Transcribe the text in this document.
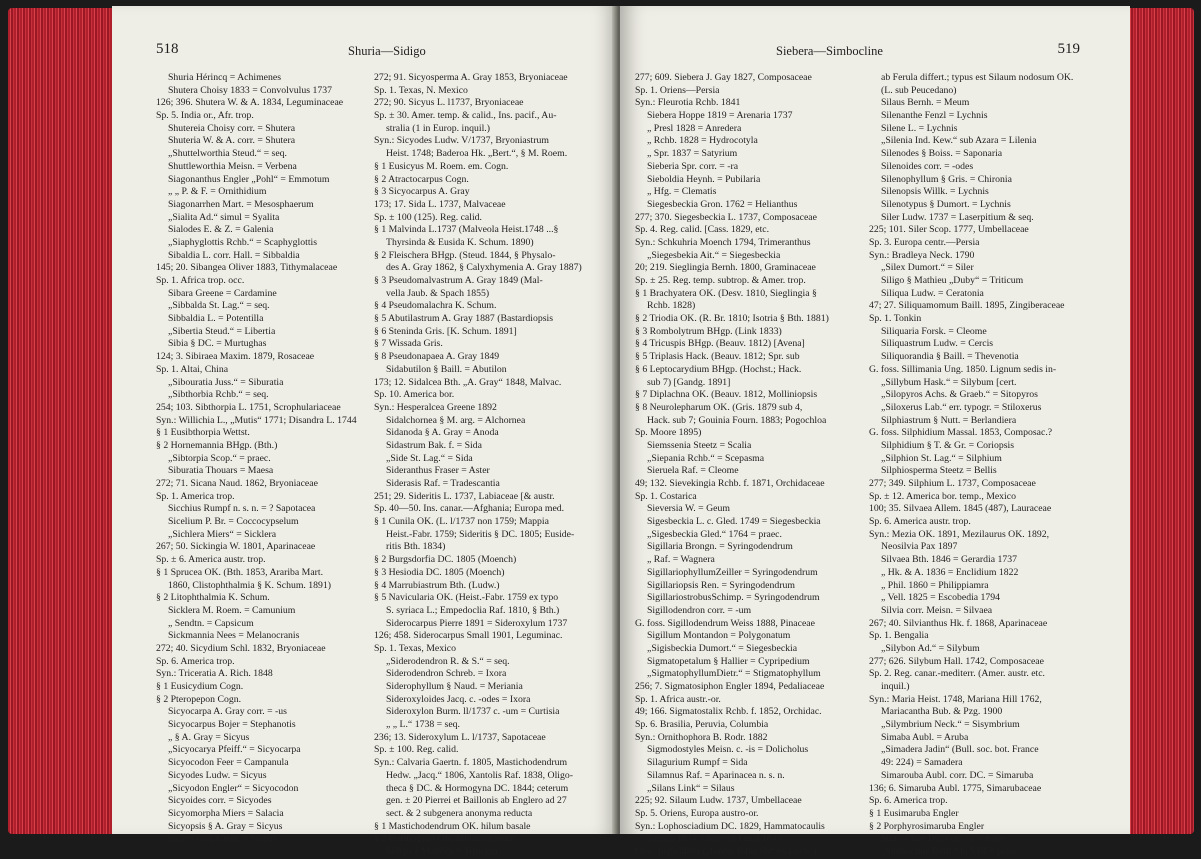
518	Shuria—Sidigo
Shuria Hérincq = Achimenes
Shutera Choisy 1833 = Convolvulus 1737
126; 396. Shutera W. & A. 1834, Leguminaceae
Sp. 5. India or., Afr. trop.
Shutereia Choisy corr. = Shutera
Shuteria W. & A. corr. = Shutera
„Shuttelworthia Steud.“ = seq.
Shuttleworthia Meisn. = Verbena
Siagonanthus Engler „Pohl“ = Emmotum
„ „ P. & F. = Ornithidium
Siagonarrhen Mart. = Mesosphaerum
„Sialita Ad.“ simul = Syalita
Sialodes E. & Z. = Galenia
„Siaphyglottis Rchb.“ = Scaphyglottis
Sibaldia L. corr. Hall. = Sibbaldia
145; 20. Sibangea Oliver 1883, Tithymalaceae
Sp. 1. Africa trop. occ.
Sibara Greene = Cardamine
„Sibbalda St. Lag.“ = seq.
Sibbaldia L. = Potentilla
„Sibertia Steud.“ = Libertia
Sibia § DC. = Murtughas
124; 3. Sibiraea Maxim. 1879, Rosaceae
Sp. 1. Altai, China
„Sibouratia Juss.“ = Siburatia
„Sibthorbia Rchb.“ = seq.
254; 103. Sibthorpia L. 1751, Scrophulariaceae
Syn.: Willichia L., „Mutis“ 1771; Disandra L. 1744
§ 1 Eusibthorpia Wettst.
§ 2 Hornemannia BHgp. (Bth.)
„Sibtorpia Scop.“ = praec.
Siburatia Thouars = Maesa
272; 71. Sicana Naud. 1862, Bryoniaceae
Sp. 1. America trop.
Sicchius Rumpf n. s. n. = ? Sapotacea
Sicelium P. Br. = Coccocypselum
„Sichlera Miers“ = Sicklera
267; 50. Sickingia W. 1801, Aparinaceae
Sp. ± 6. America austr. trop.
§ 1 Sprucea OK. (Bth. 1853, Arariba Mart.
1860, Clistophthalmia § K. Schum. 1891)
§ 2 Litophthalmia K. Schum.
Sicklera M. Roem. = Camunium
„ Sendtn. = Capsicum
Sickmannia Nees = Melanocranis
272; 40. Sicydium Schl. 1832, Bryoniaceae
Sp. 6. America trop.
Syn.: Triceratia A. Rich. 1848
§ 1 Eusicydium Cogn.
§ 2 Pteropepon Cogn.
Sicyocarpa A. Gray corr. = -us
Sicyocarpus Bojer = Stephanotis
„ § A. Gray = Sicyus
„Sicyocarya Pfeiff.“ = Sicyocarpa
Sicyocodon Feer = Campanula
Sicyodes Ludw. = Sicyus
„Sicyodon Engler“ = Sicyocodon
Sicyoides corr. = Sicyodes
Sicyomorpha Miers = Salacia
Sicyopsis § A. Gray = Sicyus
Sicyos corr. Clem. = Sicyus
272; 91. Sicyosperma A. Gray 1853, Bryoniaceae
Sp. 1. Texas, N. Mexico
272; 90. Sicyus L. l1737, Bryoniaceae
Sp. ± 30. Amer. temp. & calid., Ins. pacif., Au-
stralia (1 in Europ. inquil.)
Syn.: Sicyodes Ludw. V/1737, Bryoniastrum
Heist. 1748; Baderoa Hk. „Bert.“, § M. Roem.
§ 1 Eusicyus M. Roem. em. Cogn.
§ 2 Atractocarpus Cogn.
§ 3 Sicyocarpus A. Gray
173; 17. Sida L. 1737, Malvaceae
Sp. ± 100 (125). Reg. calid.
§ 1 Malvinda L.1737 (Malveola Heist.1748 ...§
Thyrsinda & Eusida K. Schum. 1890)
§ 2 Fleischera BHgp. (Steud. 1844, § Physalo-
des A. Gray 1862, § Calyxhymenia A. Gray 1887)
§ 3 Pseudomalvastrum A. Gray 1849 (Mal-
vella Jaub. & Spach 1855)
§ 4 Pseudomalachra K. Schum.
§ 5 Abutilastrum A. Gray 1887 (Bastardiopsis
§ 6 Steninda Gris. [K. Schum. 1891]
§ 7 Wissada Gris.
§ 8 Pseudonapaea A. Gray 1849
Sidabutilon § Baill. = Abutilon
173; 12. Sidalcea Bth. „A. Gray“ 1848, Malvac.
Sp. 10. America bor.
Syn.: Hesperalcea Greene 1892
Sidalchornea § M. arg. = Alchornea
Sidanoda § A. Gray = Anoda
Sidastrum Bak. f. = Sida
„Side St. Lag.“ = Sida
Sideranthus Fraser = Aster
Siderasis Raf. = Tradescantia
251; 29. Sideritis L. 1737, Labiaceae [& austr.
Sp. 40—50. Ins. canar.—Afghania; Europa med.
§ 1 Cunila OK. (L. l/1737 non 1759; Mappia
Heist.-Fabr. 1759; Sideritis § DC. 1805; Euside-
ritis Bth. 1834)
§ 2 Burgsdorfia DC. 1805 (Moench)
§ 3 Hesiodia DC. 1805 (Moench)
§ 4 Marrubiastrum Bth. (Ludw.)
§ 5 Navicularia OK. (Heist.-Fabr. 1759 ex typo
S. syriaca L.; Empedoclia Raf. 1810, § Bth.)
Siderocarpus Pierre 1891 = Sideroxylum 1737
126; 458. Siderocarpus Small 1901, Leguminac.
Sp. 1. Texas, Mexico
„Siderodendron R. & S.“ = seq.
Siderodendron Schreb. = Ixora
Siderophyllum § Naud. = Meriania
Sideroxyloides Jacq. c. -odes = Ixora
Sideroxylon Burm. ll/1737 c. -um = Curtisia
„ „ L.“ 1738 = seq.
236; 13. Sideroxylum L. l/1737, Sapotaceae
Sp. ± 100. Reg. calid.
Syn.: Calvaria Gaertn. f. 1805, Mastichodendrum
Hedw. „Jacq.“ 1806, Xantolis Raf. 1838, Oligo-
theca § DC. & Hormogyna DC. 1844; ceterum
gen. ± 20 Pierrei et Baillonis ab Englero ad 27
sect. & 2 subgenera anonyma reducta
§ 1 Mastichodendrum OK. hilum basale
§ 2 Hormogyna OK. hilum superum
Sidigo § Mathieu = Triticum
Siebera—Simbocline	519
277; 609. Siebera J. Gay 1827, Composaceae
Sp. 1. Oriens—Persia
Syn.: Fleurotia Rchb. 1841
Siebera Hoppe 1819 = Arenaria 1737
„ Presl 1828 = Anredera
„ Rchb. 1828 = Hydrocotyla
„ Spr. 1837 = Satyrium
Sieberia Spr. corr. = -ra
Sieboldia Heynh. = Pubilaria
„ Hfg. = Clematis
Siegesbeckia Gron. 1762 = Helianthus
277; 370. Siegesbeckia L. 1737, Composaceae
Sp. 4. Reg. calid. [Cass. 1829, etc.
Syn.: Schkuhria Moench 1794, Trimeranthus
„Siegesbekia Ait.“ = Siegesbeckia
20; 219. Sieglingia Bernh. 1800, Graminaceae
Sp. ± 25. Reg. temp. subtrop. & Amer. trop.
§ 1 Brachyatera OK. (Desv. 1810, Sieglingia §
Rchb. 1828)
§ 2 Triodia OK. (R. Br. 1810; Isotria § Bth. 1881)
§ 3 Rombolytrum BHgp. (Link 1833)
§ 4 Tricuspis BHgp. (Beauv. 1812) [Avena]
§ 5 Triplasis Hack. (Beauv. 1812; Spr. sub
§ 6 Leptocarydium BHgp. (Hochst.; Hack.
sub 7) [Gandg. 1891]
§ 7 Diplachna OK. (Beauv. 1812, Molliniopsis
§ 8 Neurolepharum OK. (Gris. 1879 sub 4,
Hack. sub 7; Gouinia Fourn. 1883; Pogochloa
Sp. Moore 1895)
Siemssenia Steetz = Scalia
„Siepania Rchb.“ = Scepasma
Sieruela Raf. = Cleome
49; 132. Sievekingia Rchb. f. 1871, Orchidaceae
Sp. 1. Costarica
Sieversia W. = Geum
Sigesbeckia L. c. Gled. 1749 = Siegesbeckia
„Sigesbeckia Gled.“ 1764 = praec.
Sigillaria Brongn. = Syringodendrum
„ Raf. = Wagnera
SigillariophyllumZeiller = Syringodendrum
Sigillariopsis Ren. = Syringodendrum
SigillariostrobusSchimp. = Syringodendrum
Sigillodendron corr. = -um
G. foss. Sigillodendrum Weiss 1888, Pinaceae
Sigillum Montandon = Polygonatum
„Sigisbeckia Dumort.“ = Siegesbeckia
Sigmatopetalum § Hallier = Cypripedium
„SigmatophyllumDietr.“ = Stigmatophyllum
256; 7. Sigmatosiphon Engler 1894, Pedaliaceae
Sp. 1. Africa austr.-or.
49; 166. Sigmatostalix Rchb. f. 1852, Orchidac.
Sp. 6. Brasilia, Peruvia, Columbia
Syn.: Ornithophora B. Rodr. 1882
Sigmodostyles Meisn. c. -is = Dolicholus
Silagurium Rumpf = Sida
Silamnus Raf. = Aparinacea n. s. n.
„Silans Link“ = Silaus
225; 92. Silaum Ludw. 1737, Umbellaceae
Sp. 5. Oriens, Europa austro-or.
Syn.: Lophosciadium DC. 1829, Hammatocaulis
Tausch 1834, Uloptera Fenzl 1843
Obs.: jugis alatis („limbis foliaceis“ ex Ludw.)
ab Ferula differt.; typus est Silaum nodosum OK.
(L. sub Peucedano)
Silaus Bernh. = Meum
Silenanthe Fenzl = Lychnis
Silene L. = Lychnis
„Silenia Ind. Kew.“ sub Azara = Lilenia
Silenodes § Boiss. = Saponaria
Silenoides corr. = -odes
Silenophyllum § Gris. = Chironia
Silenopsis Willk. = Lychnis
Silenotypus § Dumort. = Lychnis
Siler Ludw. 1737 = Laserpitium & seq.
225; 101. Siler Scop. 1777, Umbellaceae
Sp. 3. Europa centr.—Persia
Syn.: Bradleya Neck. 1790
„Silex Dumort.“ = Siler
Siligo § Mathieu „Duby“ = Triticum
Siliqua Ludw. = Ceratonia
47; 27. Siliquamomum Baill. 1895, Zingiberaceae
Sp. 1. Tonkin
Siliquaria Forsk. = Cleome
Siliquastrum Ludw. = Cercis
Siliquorandia § Baill. = Thevenotia
G. foss. Sillimania Ung. 1850. Lignum sedis in-
„Sillybum Hask.“ = Silybum [cert.
„Silopyros Achs. & Graeb.“ = Sitopyros
„Siloxerus Lab.“ err. typogr. = Stiloxerus
Silphiastrum § Nutt. = Berlandiera
G. foss. Silphidium Massal. 1853, Composac.?
Silphidium § T. & Gr. = Coriopsis
„Silphion St. Lag.“ = Silphium
Silphiospermа Steetz = Bellis
277; 349. Silphium L. 1737, Composaceae
Sp. ± 12. America bor. temp., Mexico
100; 35. Silvaea Allem. 1845 (487), Lauraceae
Sp. 6. America austr. trop.
Syn.: Mezia OK. 1891, Mezilaurus OK. 1892,
Neosilvia Pax 1897
Silvaea Bth. 1846 = Gerardia 1737
„ Hk. & A. 1836 = Enclidium 1822
„ Phil. 1860 = Philippiamra
„ Vell. 1825 = Escobedia 1794
Silvia corr. Meisn. = Silvaea
267; 40. Silvianthus Hk. f. 1868, Aparinaceae
Sp. 1. Bengalia
„Silybon Ad.“ = Silybum
277; 626. Silybum Hall. 1742, Composaceae
Sp. 2. Reg. canar.-mediterr. (Amer. austr. etc.
inquil.)
Syn.: Maria Heist. 1748, Mariana Hill 1762,
Mariacantha Bub. & Pzg. 1900
„Silymbrium Neck.“ = Sisymbrium
Simaba Aubl. = Aruba
„Simadera Jadin“ (Bull. soc. bot. France
49: 224) = Samadera
Simarouba Aubl. corr. DC. = Simaruba
136; 6. Simaruba Aubl. 1775, Simarubaceae
Sp. 6. America trop.
§ 1 Eusimaruba Engler
§ 2 Porphyrosimaruba Engler
Simbocline DC. corr. -a = Aster
„Simbocline Baill.“ h. VIII = praec.
